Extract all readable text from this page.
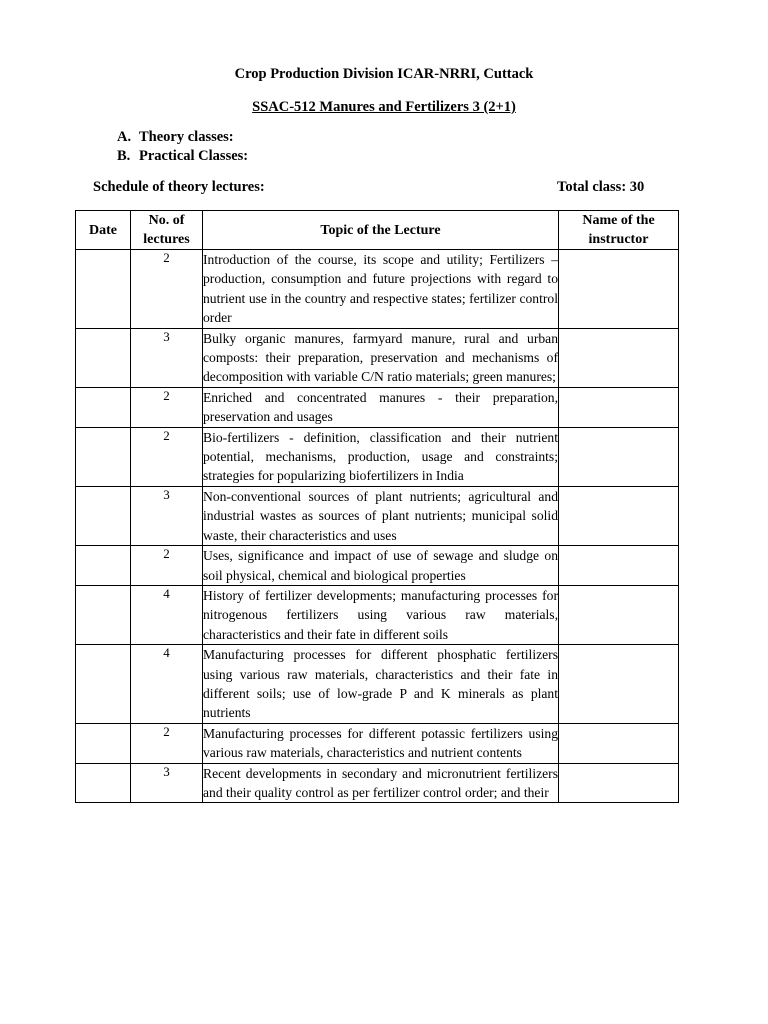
Crop Production Division ICAR-NRRI, Cuttack
SSAC-512 Manures and Fertilizers 3 (2+1)
A. Theory classes:
B. Practical Classes:
Schedule of theory lectures:	Total class: 30
Date	No. of lectures	Topic of the Lecture	Name of the instructor
	2	Introduction of the course, its scope and utility; Fertilizers – production, consumption and future projections with regard to nutrient use in the country and respective states; fertilizer control order	
	3	Bulky organic manures, farmyard manure, rural and urban composts: their preparation, preservation and mechanisms of decomposition with variable C/N ratio materials; green manures;	
	2	Enriched and concentrated manures - their preparation, preservation and usages	
	2	Bio-fertilizers - definition, classification and their nutrient potential, mechanisms, production, usage and constraints; strategies for popularizing biofertilizers in India	
	3	Non-conventional sources of plant nutrients; agricultural and industrial wastes as sources of plant nutrients; municipal solid waste, their characteristics and uses	
	2	Uses, significance and impact of use of sewage and sludge on soil physical, chemical and biological properties	
	4	History of fertilizer developments; manufacturing processes for nitrogenous fertilizers using various raw materials, characteristics and their fate in different soils	
	4	Manufacturing processes for different phosphatic fertilizers using various raw materials, characteristics and their fate in different soils; use of low-grade P and K minerals as plant nutrients	
	2	Manufacturing processes for different potassic fertilizers using various raw materials, characteristics and nutrient contents	
	3	Recent developments in secondary and micronutrient fertilizers and their quality control as per fertilizer control order; and their	
